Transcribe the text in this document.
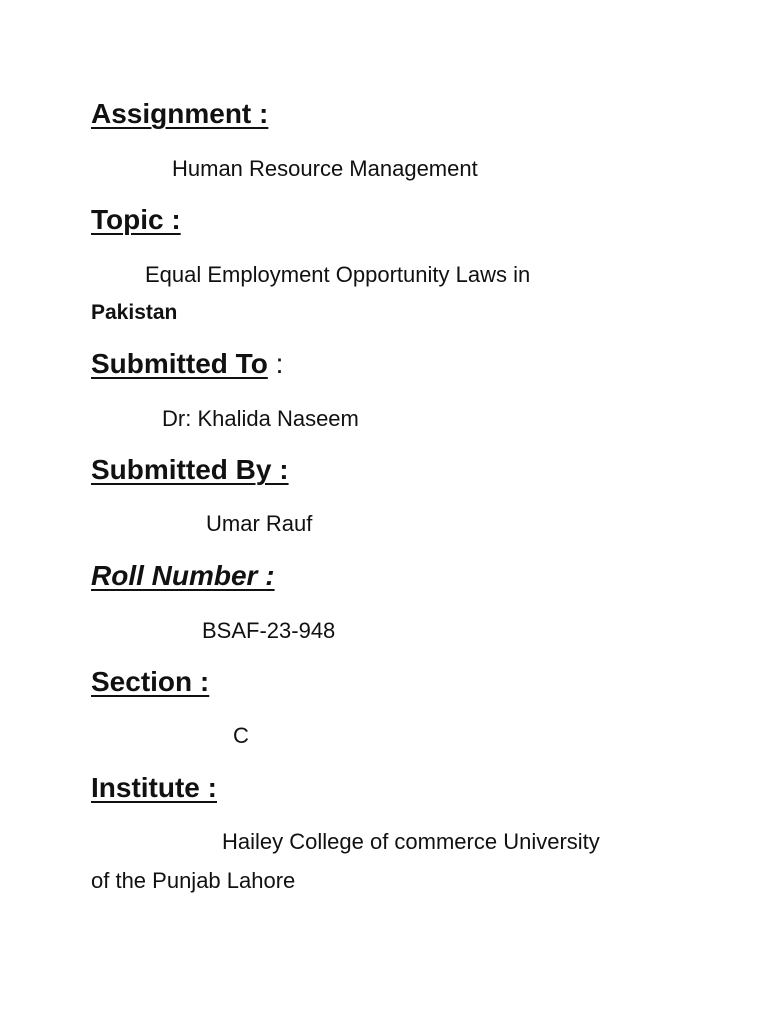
Assignment :
Human Resource Management
Topic :
Equal Employment Opportunity Laws in
Pakistan
Submitted To :
Dr: Khalida Naseem
Submitted By :
Umar Rauf
Roll Number :
BSAF-23-948
Section :
C
Institute :
Hailey College of commerce University
of the Punjab Lahore
